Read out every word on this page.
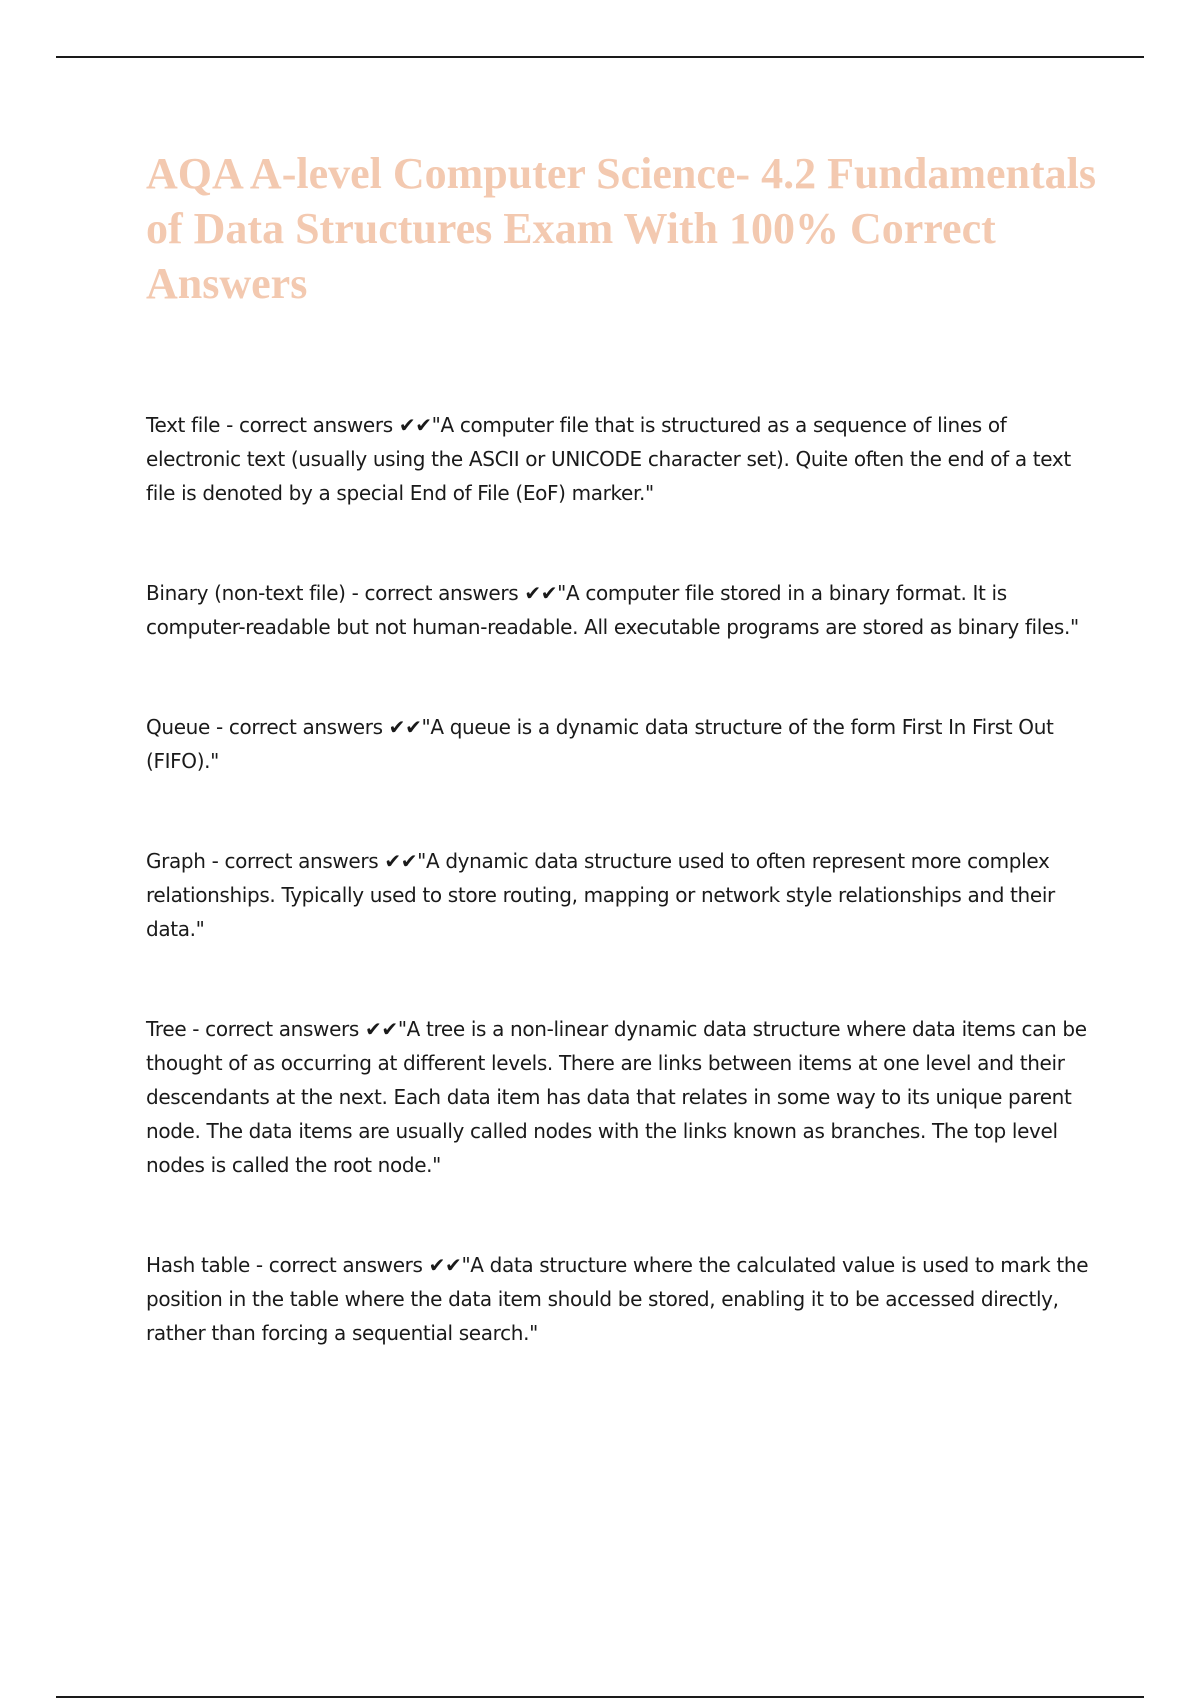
AQA A-level Computer Science- 4.2 Fundamentals of Data Structures Exam With 100% Correct Answers

Text file - correct answers ✔✔"A computer file that is structured as a sequence of lines of electronic text (usually using the ASCII or UNICODE character set). Quite often the end of a text file is denoted by a special End of File (EoF) marker."

Binary (non-text file) - correct answers ✔✔"A computer file stored in a binary format. It is computer-readable but not human-readable. All executable programs are stored as binary files."

Queue - correct answers ✔✔"A queue is a dynamic data structure of the form First In First Out (FIFO)."

Graph - correct answers ✔✔"A dynamic data structure used to often represent more complex relationships. Typically used to store routing, mapping or network style relationships and their data."

Tree - correct answers ✔✔"A tree is a non-linear dynamic data structure where data items can be thought of as occurring at different levels. There are links between items at one level and their descendants at the next. Each data item has data that relates in some way to its unique parent node. The data items are usually called nodes with the links known as branches. The top level nodes is called the root node."

Hash table - correct answers ✔✔"A data structure where the calculated value is used to mark the position in the table where the data item should be stored, enabling it to be accessed directly, rather than forcing a sequential search."
